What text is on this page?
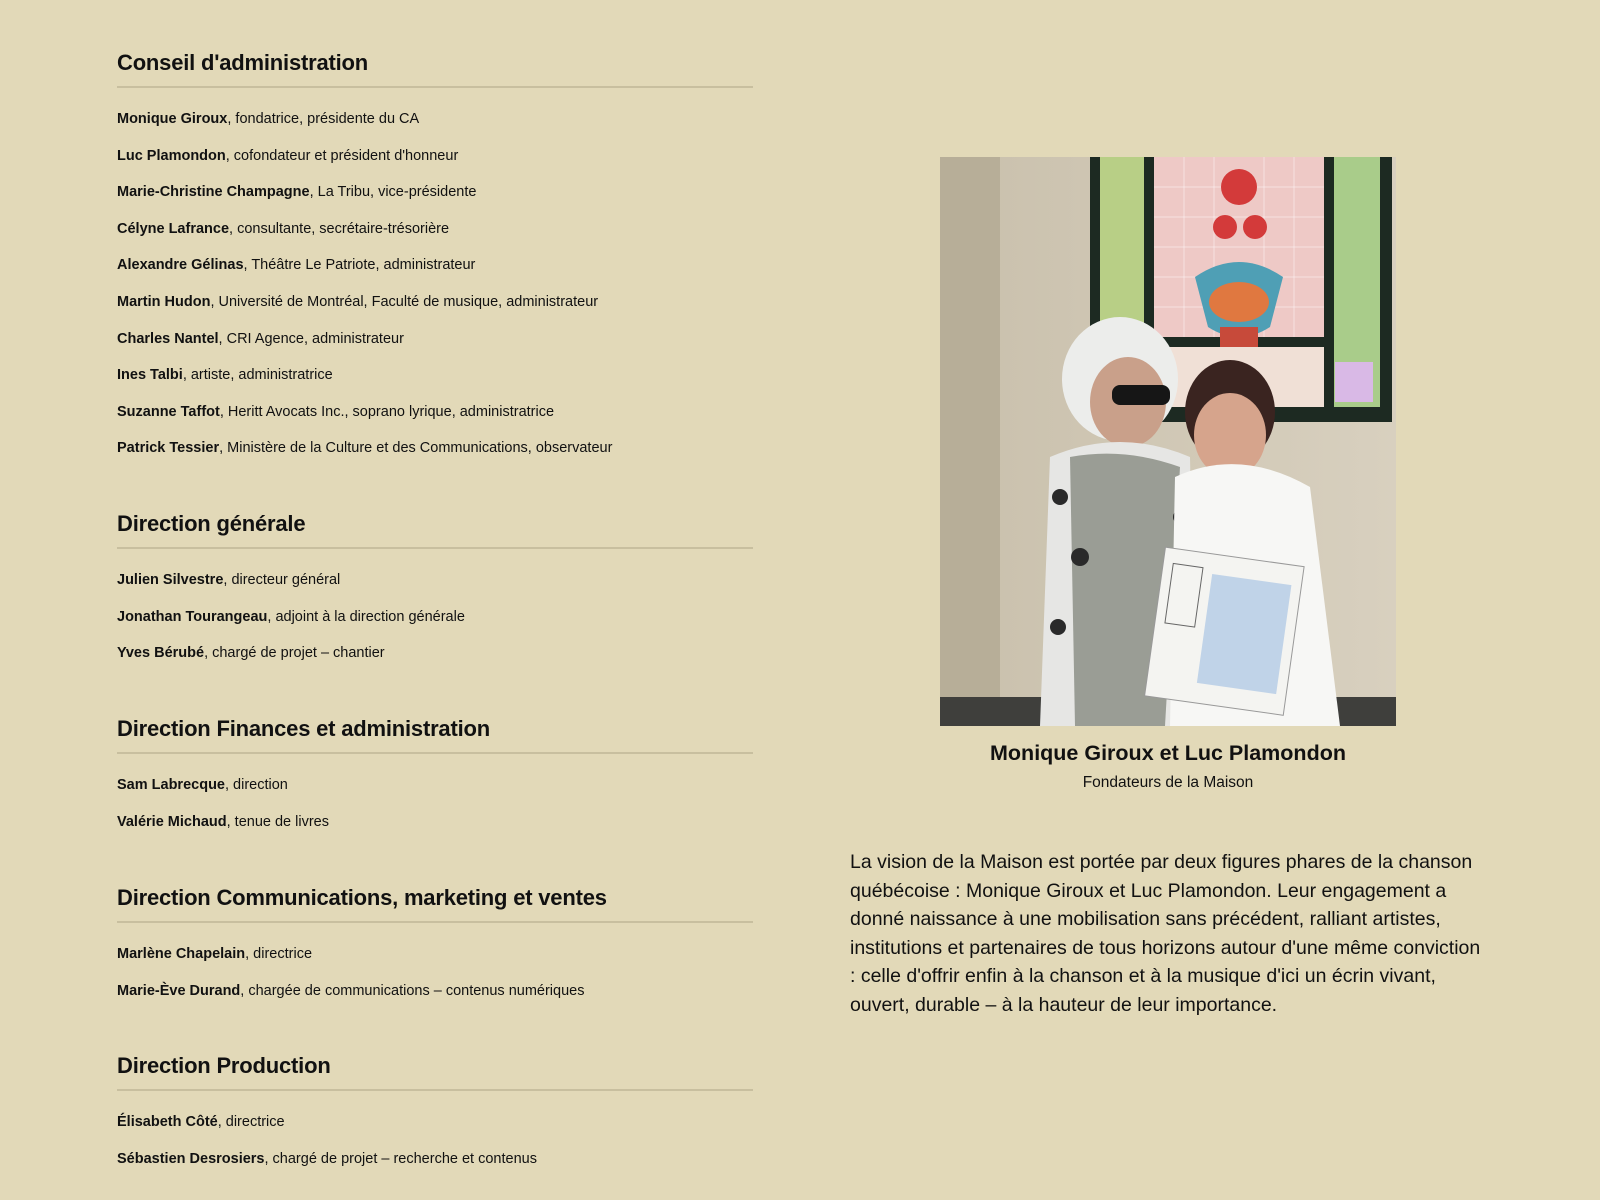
Conseil d'administration
Monique Giroux, fondatrice, présidente du CA
Luc Plamondon, cofondateur et président d'honneur
Marie-Christine Champagne, La Tribu, vice-présidente
Célyne Lafrance, consultante, secrétaire-trésorière
Alexandre Gélinas, Théâtre Le Patriote, administrateur
Martin Hudon, Université de Montréal, Faculté de musique, administrateur
Charles Nantel, CRI Agence, administrateur
Ines Talbi, artiste, administratrice
Suzanne Taffot, Heritt Avocats Inc., soprano lyrique, administratrice
Patrick Tessier, Ministère de la Culture et des Communications, observateur
Direction générale
Julien Silvestre, directeur général
Jonathan Tourangeau, adjoint à la direction générale
Yves Bérubé, chargé de projet – chantier
Direction Finances et administration
Sam Labrecque, direction
Valérie Michaud, tenue de livres
Direction Communications, marketing et ventes
Marlène Chapelain, directrice
Marie-Ève Durand, chargée de communications – contenus numériques
Direction Production
Élisabeth Côté, directrice
Sébastien Desrosiers, chargé de projet – recherche et contenus
Monique Giroux et Luc Plamondon
Fondateurs de la Maison

La vision de la Maison est portée par deux figures phares de la chanson québécoise : Monique Giroux et Luc Plamondon. Leur engagement a donné naissance à une mobilisation sans précédent, ralliant artistes, institutions et partenaires de tous horizons autour d'une même conviction : celle d'offrir enfin à la chanson et à la musique d'ici un écrin vivant, ouvert, durable – à la hauteur de leur importance.
